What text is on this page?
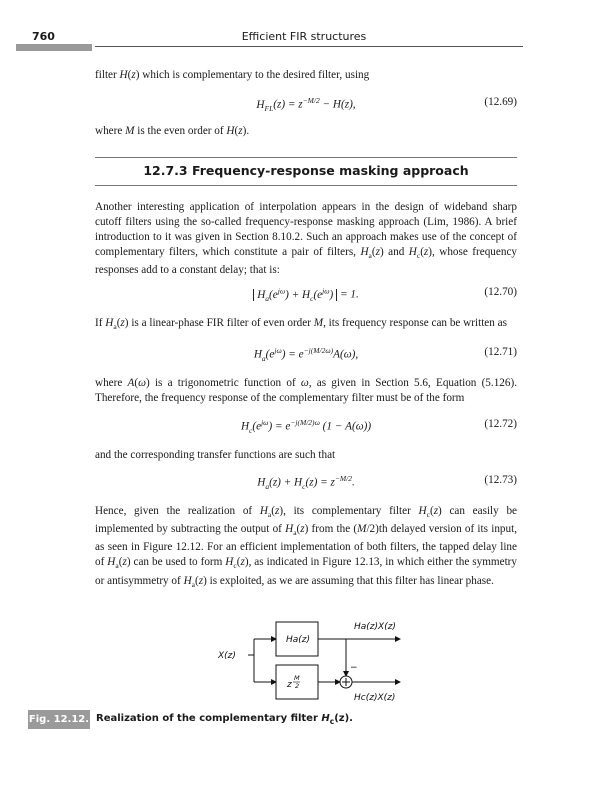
760	Efficient FIR structures
filter H(z) which is complementary to the desired filter, using
$H_{FL}(z) = z^{-M/2} - H(z)$,	(12.69)
where M is the even order of H(z).
12.7.3 Frequency-response masking approach
Another interesting application of interpolation appears in the design of wideband sharp cutoff filters using the so-called frequency-response masking approach (Lim, 1986). A brief introduction to it was given in Section 8.10.2. Such an approach makes use of the concept of complementary filters, which constitute a pair of filters, $H_a(z)$ and $H_c(z)$, whose frequency responses add to a constant delay; that is:
$H_a(e^{j\omega}) + H_c(e^{j\omega}) = 1$.	(12.70)
If $H_a(z)$ is a linear-phase FIR filter of even order M, its frequency response can be written as
$H_a(e^{j\omega}) = e^{-j(M/2\omega)}A(\omega)$,	(12.71)
where A(ω) is a trigonometric function of ω, as given in Section 5.6, Equation (5.126). Therefore, the frequency response of the complementary filter must be of the form
$H_c(e^{j\omega}) = e^{-j(M/2)\omega}$ (1 − A(ω))	(12.72)
and the corresponding transfer functions are such that
$H_a(z) + H_c(z) = z^{-M/2}$.	(12.73)
Hence, given the realization of $H_a(z)$, its complementary filter $H_c(z)$ can easily be implemented by subtracting the output of $H_a(z)$ from the (M/2)th delayed version of its input, as seen in Figure 12.12. For an efficient implementation of both filters, the tapped delay line of $H_a(z)$ can be used to form $H_c(z)$, as indicated in Figure 12.13, in which either the symmetry or antisymmetry of $H_a(z)$ is exploited, as we are assuming that this filter has linear phase.
X(z)
Ha(z)
z
M
2
Ha(z)X(z)
−
Hc(z)X(z)
Fig. 12.12. Realization of the complementary filter $H_c(z)$.
